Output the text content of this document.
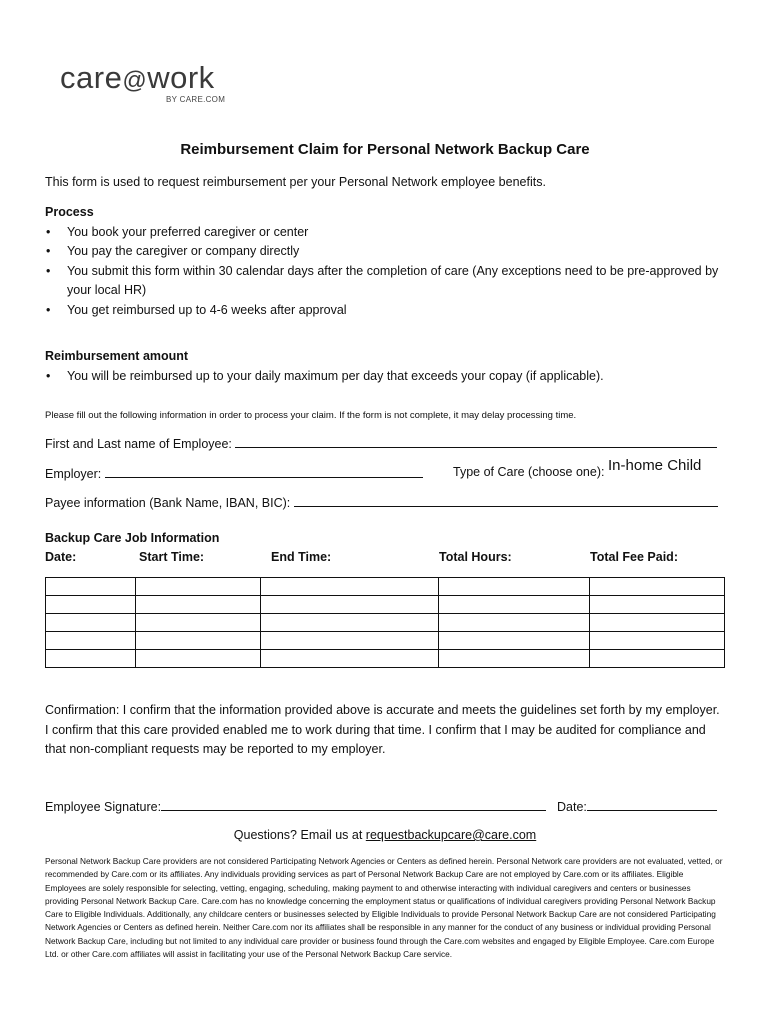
care@work
BY CARE.COM
Reimbursement Claim for Personal Network Backup Care
This form is used to request reimbursement per your Personal Network employee benefits.
Process
• You book your preferred caregiver or center
• You pay the caregiver or company directly
• You submit this form within 30 calendar days after the completion of care (Any exceptions need to be pre-approved by your local HR)
• You get reimbursed up to 4-6 weeks after approval
Reimbursement amount
• You will be reimbursed up to your daily maximum per day that exceeds your copay (if applicable).
Please fill out the following information in order to process your claim. If the form is not complete, it may delay processing time.
First and Last name of Employee:
Employer:	Type of Care (choose one): In-home Child
Payee information (Bank Name, IBAN, BIC):
Backup Care Job Information
Date:	Start Time:	End Time:	Total Hours:	Total Fee Paid:

Confirmation: I confirm that the information provided above is accurate and meets the guidelines set forth by my employer. I confirm that this care provided enabled me to work during that time. I confirm that I may be audited for compliance and that non-compliant requests may be reported to my employer.
Employee Signature:	Date:
Questions? Email us at requestbackupcare@care.com
Personal Network Backup Care providers are not considered Participating Network Agencies or Centers as defined herein. Personal Network care providers are not evaluated, vetted, or recommended by Care.com or its affiliates. Any individuals providing services as part of Personal Network Backup Care are not employed by Care.com or its affiliates. Eligible Employees are solely responsible for selecting, vetting, engaging, scheduling, making payment to and otherwise interacting with individual caregivers and centers or businesses providing Personal Network Backup Care. Care.com has no knowledge concerning the employment status or qualifications of individual caregivers providing Personal Network Backup Care to Eligible Individuals. Additionally, any childcare centers or businesses selected by Eligible Individuals to provide Personal Network Backup Care are not considered Participating Network Agencies or Centers as defined herein. Neither Care.com nor its affiliates shall be responsible in any manner for the conduct of any business or individual providing Personal Network Backup Care, including but not limited to any individual care provider or business found through the Care.com websites and engaged by Eligible Employee. Care.com Europe Ltd. or other Care.com affiliates will assist in facilitating your use of the Personal Network Backup Care service.
